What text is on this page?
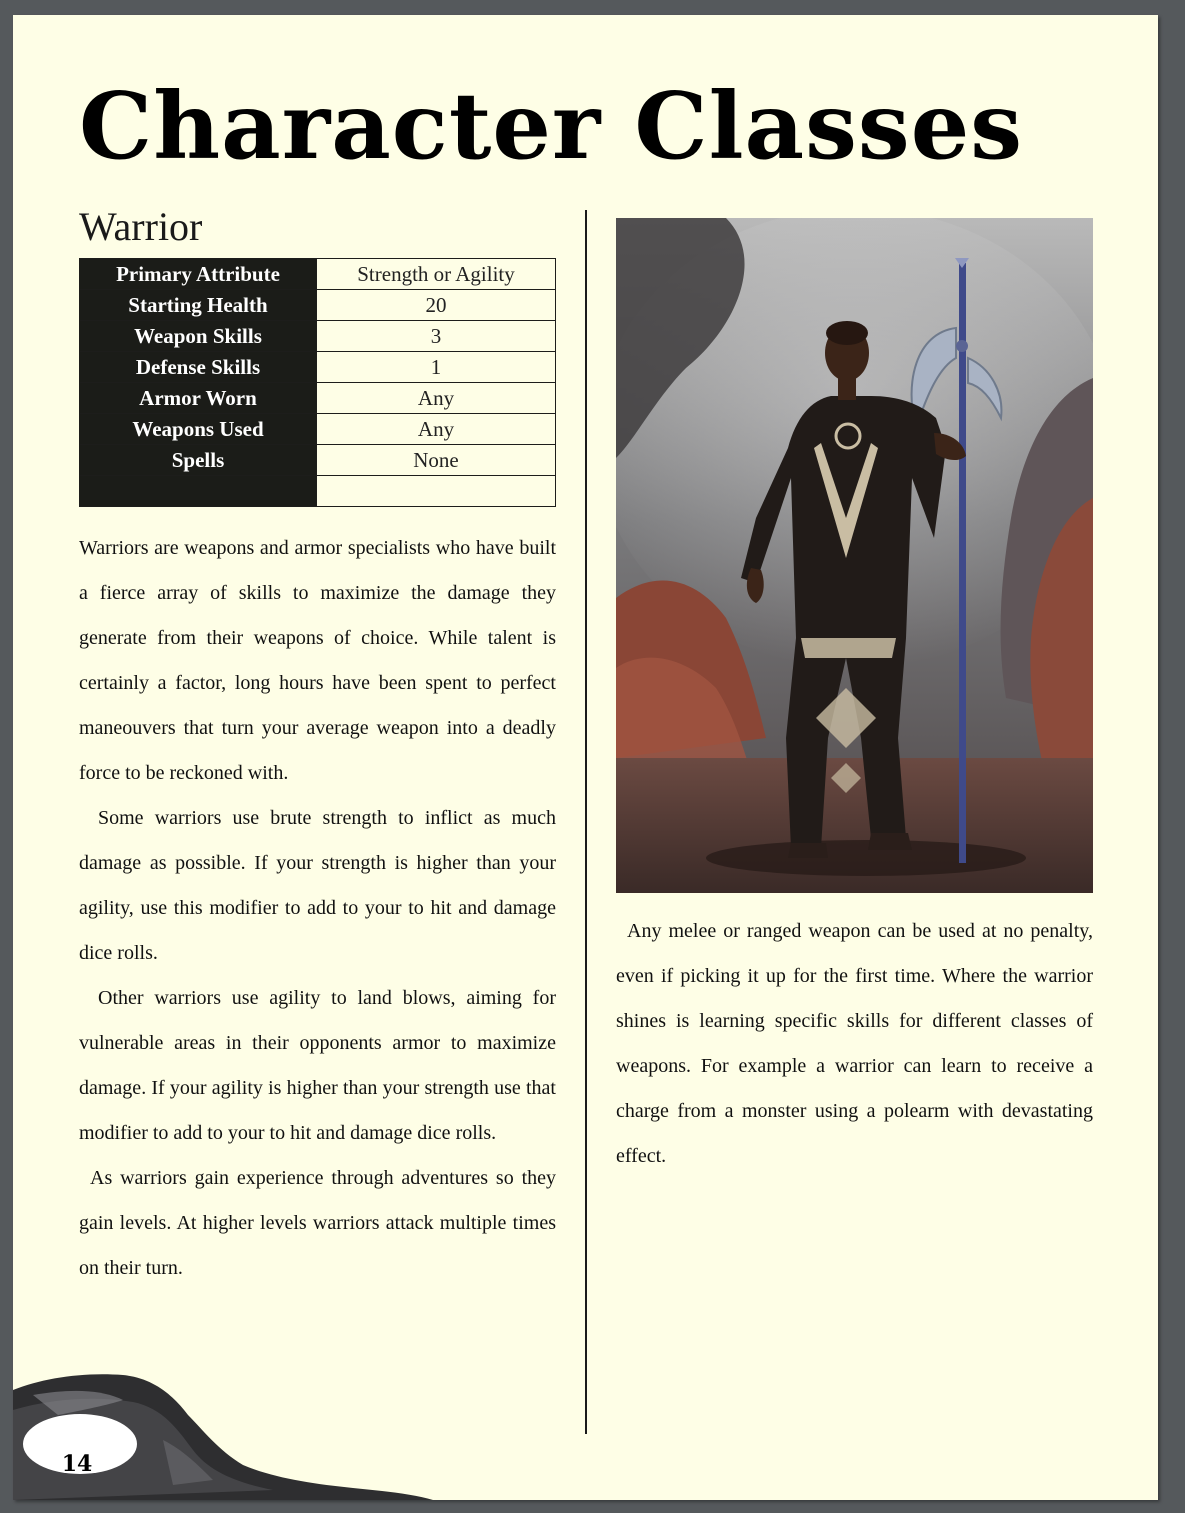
Character Classes
Warrior
Primary Attribute	Strength or Agility
Starting Health	20
Weapon Skills	3
Defense Skills	1
Armor Worn	Any
Weapons Used	Any
Spells	None

Warriors are weapons and armor specialists who have built a fierce array of skills to maximize the damage they generate from their weapons of choice. While talent is certainly a factor, long hours have been spent to perfect maneouvers that turn your average weapon into a deadly force to be reckoned with.

Some warriors use brute strength to inflict as much damage as possible. If your strength is higher than your agility, use this modifier to add to your to hit and damage dice rolls.

Other warriors use agility to land blows, aiming for vulnerable areas in their opponents armor to maximize damage. If your agility is higher than your strength use that modifier to add to your to hit and damage dice rolls.

As warriors gain experience through adventures so they gain levels. At higher levels warriors attack multiple times on their turn.

Any melee or ranged weapon can be used at no penalty, even if picking it up for the first time. Where the warrior shines is learning specific skills for different classes of weapons. For example a warrior can learn to receive a charge from a monster using a polearm with devastating effect.

14
